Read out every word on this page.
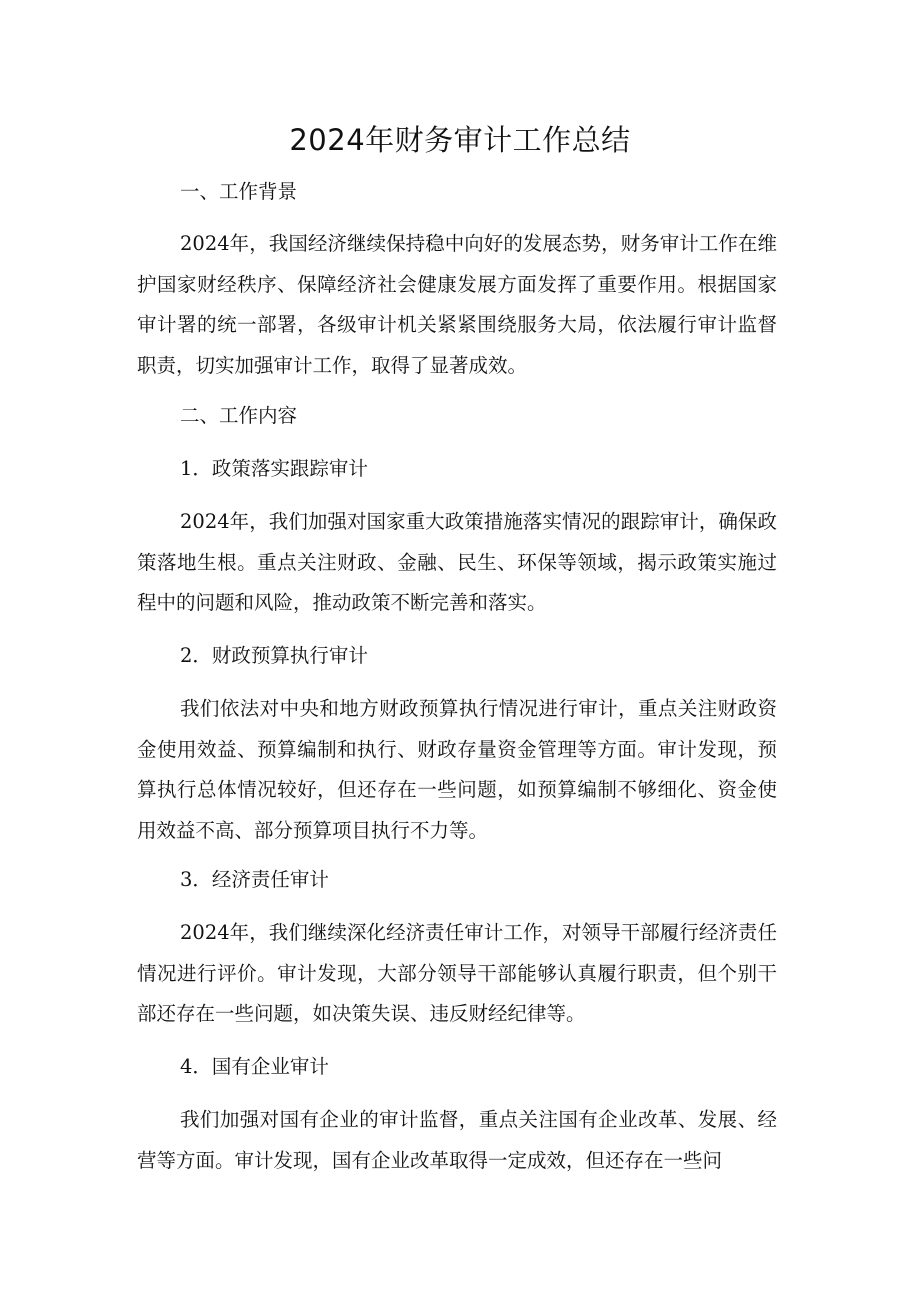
2024年财务审计工作总结

一、工作背景

2024年，我国经济继续保持稳中向好的发展态势，财务审计工作在维护国家财经秩序、保障经济社会健康发展方面发挥了重要作用。根据国家审计署的统一部署，各级审计机关紧紧围绕服务大局，依法履行审计监督职责，切实加强审计工作，取得了显著成效。

二、工作内容

1．政策落实跟踪审计

2024年，我们加强对国家重大政策措施落实情况的跟踪审计，确保政策落地生根。重点关注财政、金融、民生、环保等领域，揭示政策实施过程中的问题和风险，推动政策不断完善和落实。

2．财政预算执行审计

我们依法对中央和地方财政预算执行情况进行审计，重点关注财政资金使用效益、预算编制和执行、财政存量资金管理等方面。审计发现，预算执行总体情况较好，但还存在一些问题，如预算编制不够细化、资金使用效益不高、部分预算项目执行不力等。

3．经济责任审计

2024年，我们继续深化经济责任审计工作，对领导干部履行经济责任情况进行评价。审计发现，大部分领导干部能够认真履行职责，但个别干部还存在一些问题，如决策失误、违反财经纪律等。

4．国有企业审计

我们加强对国有企业的审计监督，重点关注国有企业改革、发展、经营等方面。审计发现，国有企业改革取得一定成效，但还存在一些问
